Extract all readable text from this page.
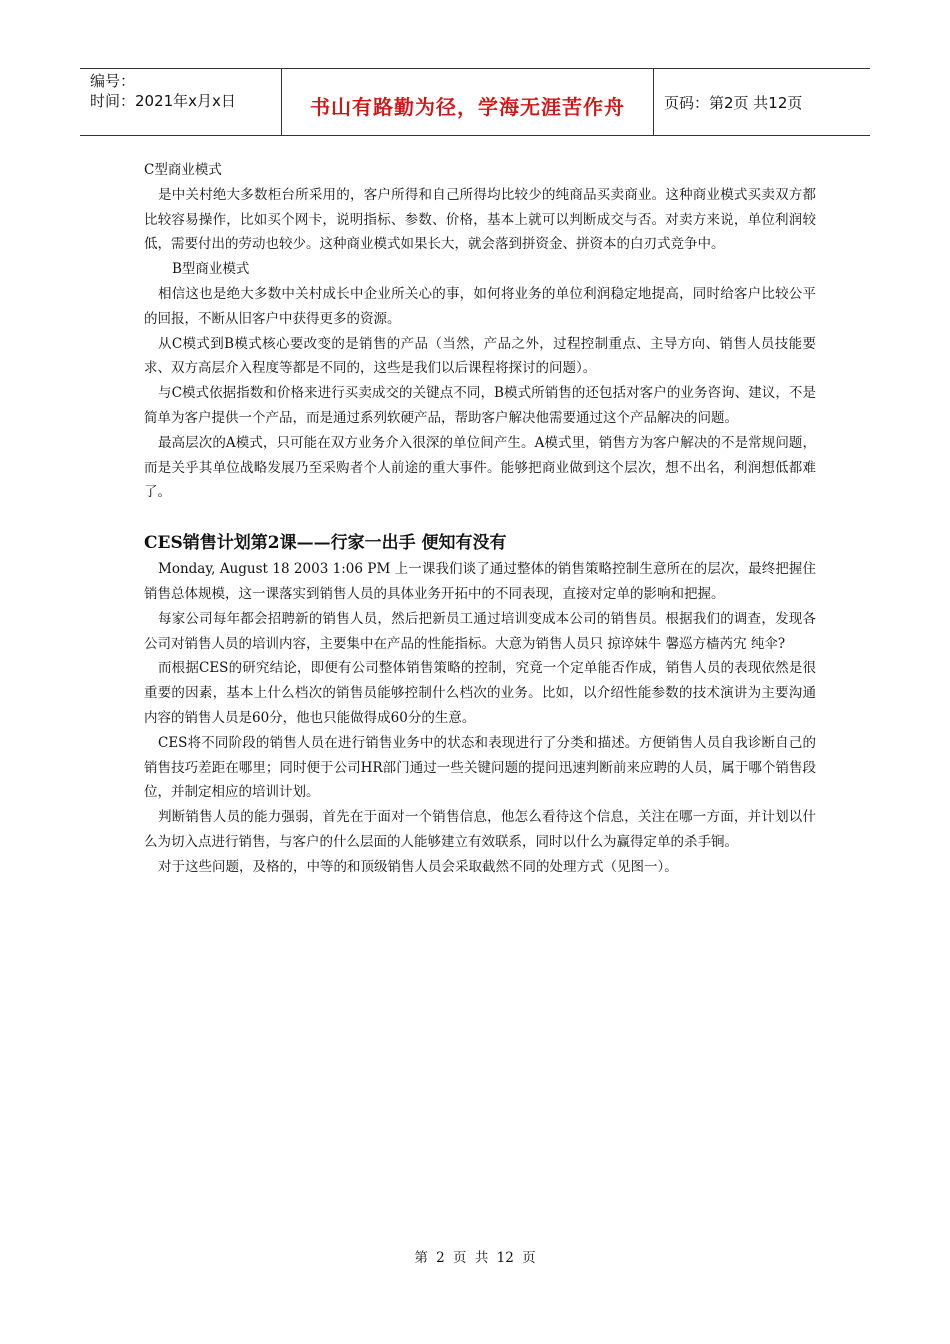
编号：
时间：2021年x月x日	书山有路勤为径，学海无涯苦作舟	页码：第2页 共12页

C型商业模式

是中关村绝大多数柜台所采用的，客户所得和自己所得均比较少的纯商品买卖商业。这种商业模式买卖双方都比较容易操作，比如买个网卡，说明指标、参数、价格，基本上就可以判断成交与否。对卖方来说，单位利润较低，需要付出的劳动也较少。这种商业模式如果长大，就会落到拼资金、拼资本的白刃式竞争中。

B型商业模式

相信这也是绝大多数中关村成长中企业所关心的事，如何将业务的单位利润稳定地提高，同时给客户比较公平的回报，不断从旧客户中获得更多的资源。

从C模式到B模式核心要改变的是销售的产品（当然，产品之外，过程控制重点、主导方向、销售人员技能要求、双方高层介入程度等都是不同的，这些是我们以后课程将探讨的问题）。

与C模式依据指数和价格来进行买卖成交的关键点不同，B模式所销售的还包括对客户的业务咨询、建议，不是简单为客户提供一个产品，而是通过系列软硬产品，帮助客户解决他需要通过这个产品解决的问题。

最高层次的A模式，只可能在双方业务介入很深的单位间产生。A模式里，销售方为客户解决的不是常规问题，而是关乎其单位战略发展乃至采购者个人前途的重大事件。能够把商业做到这个层次，想不出名，利润想低都难了。

CES销售计划第2课——行家一出手 便知有没有

Monday, August 18 2003 1:06 PM 上一课我们谈了通过整体的销售策略控制生意所在的层次，最终把握住销售总体规模，这一课落实到销售人员的具体业务开拓中的不同表现，直接对定单的影响和把握。

每家公司每年都会招聘新的销售人员，然后把新员工通过培训变成本公司的销售员。根据我们的调查，发现各公司对销售人员的培训内容，主要集中在产品的性能指标。大意为销售人员只 掠谇妹牛 馨巡方樯芮宄 纯伞?

而根据CES的研究结论，即便有公司整体销售策略的控制，究竟一个定单能否作成，销售人员的表现依然是很重要的因素，基本上什么档次的销售员能够控制什么档次的业务。比如，以介绍性能参数的技术演讲为主要沟通内容的销售人员是60分，他也只能做得成60分的生意。

CES将不同阶段的销售人员在进行销售业务中的状态和表现进行了分类和描述。方便销售人员自我诊断自己的销售技巧差距在哪里；同时便于公司HR部门通过一些关键问题的提问迅速判断前来应聘的人员，属于哪个销售段位，并制定相应的培训计划。

判断销售人员的能力强弱，首先在于面对一个销售信息，他怎么看待这个信息，关注在哪一方面，并计划以什么为切入点进行销售，与客户的什么层面的人能够建立有效联系，同时以什么为赢得定单的杀手锏。

对于这些问题，及格的，中等的和顶级销售人员会采取截然不同的处理方式（见图一）。

第 2 页 共 12 页
